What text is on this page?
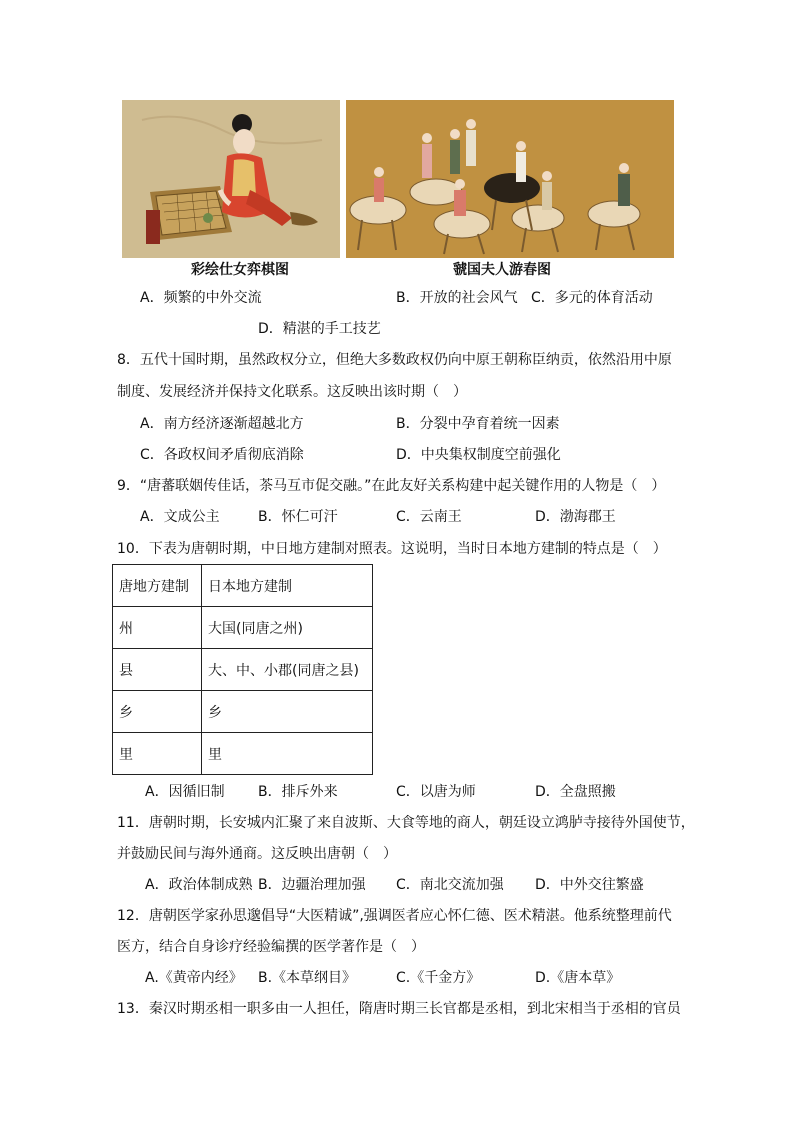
彩绘仕女弈棋图	虢国夫人游春图
A．频繁的中外交流	B．开放的社会风气 C．多元的体育活动
D．精湛的手工技艺
8．五代十国时期，虽然政权分立，但绝大多数政权仍向中原王朝称臣纳贡，依然沿用中原
制度、发展经济并保持文化联系。这反映出该时期（　）
A．南方经济逐渐超越北方	B．分裂中孕育着统一因素
C．各政权间矛盾彻底消除	D．中央集权制度空前强化
9．“唐蕃联姻传佳话，茶马互市促交融。”在此友好关系构建中起关键作用的人物是（　）
A．文成公主	B．怀仁可汗	C．云南王	D．渤海郡王
10．下表为唐朝时期，中日地方建制对照表。这说明，当时日本地方建制的特点是（　）
唐地方建制	日本地方建制
州	大国(同唐之州)
县	大、中、小郡(同唐之县)
乡	乡
里	里
A．因循旧制 B．排斥外来	C．以唐为师	D．全盘照搬
11．唐朝时期，长安城内汇聚了来自波斯、大食等地的商人，朝廷设立鸿胪寺接待外国使节，
并鼓励民间与海外通商。这反映出唐朝（　）
A．政治体制成熟 B．边疆治理加强 C．南北交流加强 D．中外交往繁盛
12．唐朝医学家孙思邈倡导“大医精诚”,强调医者应心怀仁德、医术精湛。他系统整理前代
医方，结合自身诊疗经验编撰的医学著作是（　）
A.《黄帝内经》 B.《本草纲目》	C.《千金方》	D.《唐本草》
13．秦汉时期丞相一职多由一人担任，隋唐时期三长官都是丞相，到北宋相当于丞相的官员
